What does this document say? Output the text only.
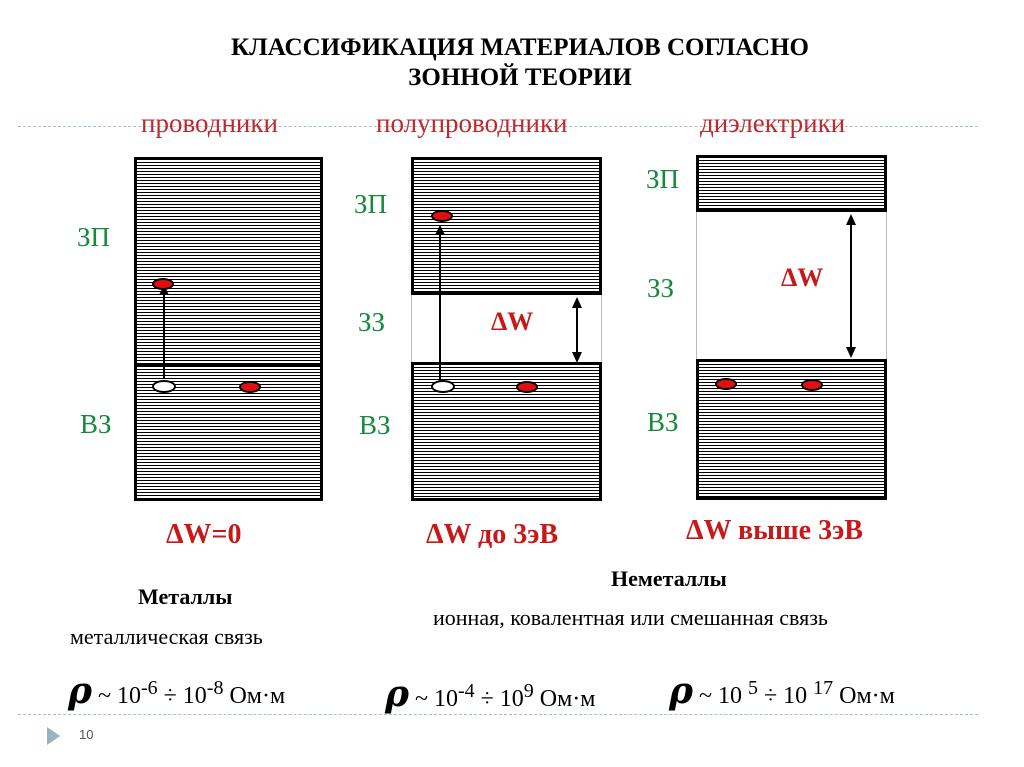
КЛАССИФИКАЦИЯ МАТЕРИАЛОВ СОГЛАСНО
ЗОННОЙ ТЕОРИИ
проводники	полупроводники	диэлектрики
ЗП
ВЗ
ΔW=0
ΔW
ЗП
ЗЗ
ВЗ
ΔW до 3эВ
ΔW
ЗП
ЗЗ
ВЗ
ΔW выше 3эВ
Металлы
металлическая связь
Неметаллы
ионная, ковалентная или смешанная связь
ρ ~ $10^{-6} \div 10^{-8}$ Ом·м	ρ ~ $10^{-4} \div 10^9$ Ом·м ρ ~ 10 $^5$ ÷ 10 $^{17}$ Ом·м
10
